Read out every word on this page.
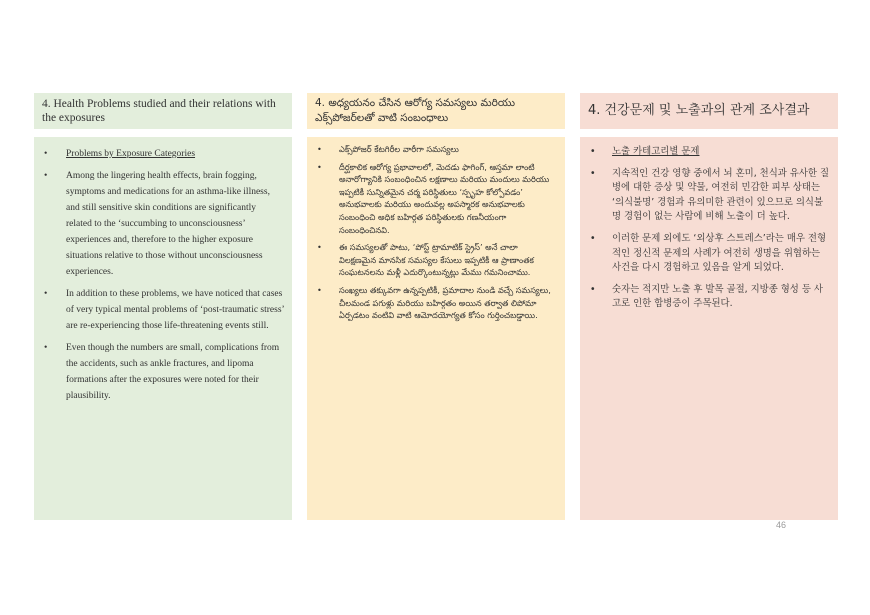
4. Health Problems studied and their relations with the exposures
• Problems by Exposure Categories
• Among the lingering health effects, brain fogging, symptoms and medications for an asthma-like illness, and still sensitive skin conditions are significantly related to the ‘succumbing to unconsciousness’ experiences and, therefore to the higher exposure situations relative to those without unconsciousness experiences.
• In addition to these problems, we have noticed that cases of very typical mental problems of ‘post-traumatic stress’ are re-experiencing those life-threatening events still.
• Even though the numbers are small, complications from the accidents, such as ankle fractures, and lipoma formations after the exposures were noted for their plausibility.
4. అధ్యయనం చేసిన ఆరోగ్య సమస్యలు మరియు ఎక్స్‌పోజర్‌లతో వాటి సంబంధాలు
• ఎక్స్‌పోజర్ కేటగిరీల వారీగా సమస్యలు
• దీర్ఘకాలిక ఆరోగ్య ప్రభావాలలో, మెదడు ఫాగింగ్, ఆస్తమా లాంటి అనారోగ్యానికి సంబంధించిన లక్షణాలు మరియు మందులు మరియు ఇప్పటికీ సున్నితమైన చర్మ పరిస్థితులు ‘స్పృహ కోల్పోవడం’ అనుభవాలకు మరియు అందువల్ల అపస్మారక అనుభవాలకు సంబంధించి అధిక బహిర్గత పరిస్థితులకు గణనీయంగా సంబంధించినవి.
• ఈ సమస్యలతో పాటు, ‘పోస్ట్ ట్రామాటిక్ స్ట్రెస్’ అనే చాలా విలక్షణమైన మానసిక సమస్యల కేసులు ఇప్పటికీ ఆ ప్రాణాంతక సంఘటనలను మళ్లీ ఎదుర్కొంటున్నట్లు మేము గమనించాము.
• సంఖ్యలు తక్కువగా ఉన్నప్పటికీ, ప్రమాదాల నుండి వచ్చే సమస్యలు, చీలమండ పగుళ్లు మరియు బహిర్గతం అయిన తర్వాత లిపోమా ఏర్పడటం వంటివి వాటి ఆమోదయోగ్యత కోసం గుర్తించబడ్డాయి.
4. 건강문제 및 노출과의 관계 조사결과
• 노출 카테고리별 문제
• 지속적인 건강 영향 중에서 뇌 혼미, 천식과 유사한 질병에 대한 증상 및 약물, 여전히 민감한 피부 상태는 ‘의식불명’ 경험과 유의미한 관련이 있으므로 의식불명 경험이 없는 사람에 비해 노출이 더 높다.
• 이러한 문제 외에도 ‘외상후 스트레스’라는 매우 전형적인 정신적 문제의 사례가 여전히 생명을 위협하는 사건을 다시 경험하고 있음을 알게 되었다.
• 숫자는 적지만 노출 후 발목 골절, 지방종 형성 등 사고로 인한 합병증이 주목된다.
46
